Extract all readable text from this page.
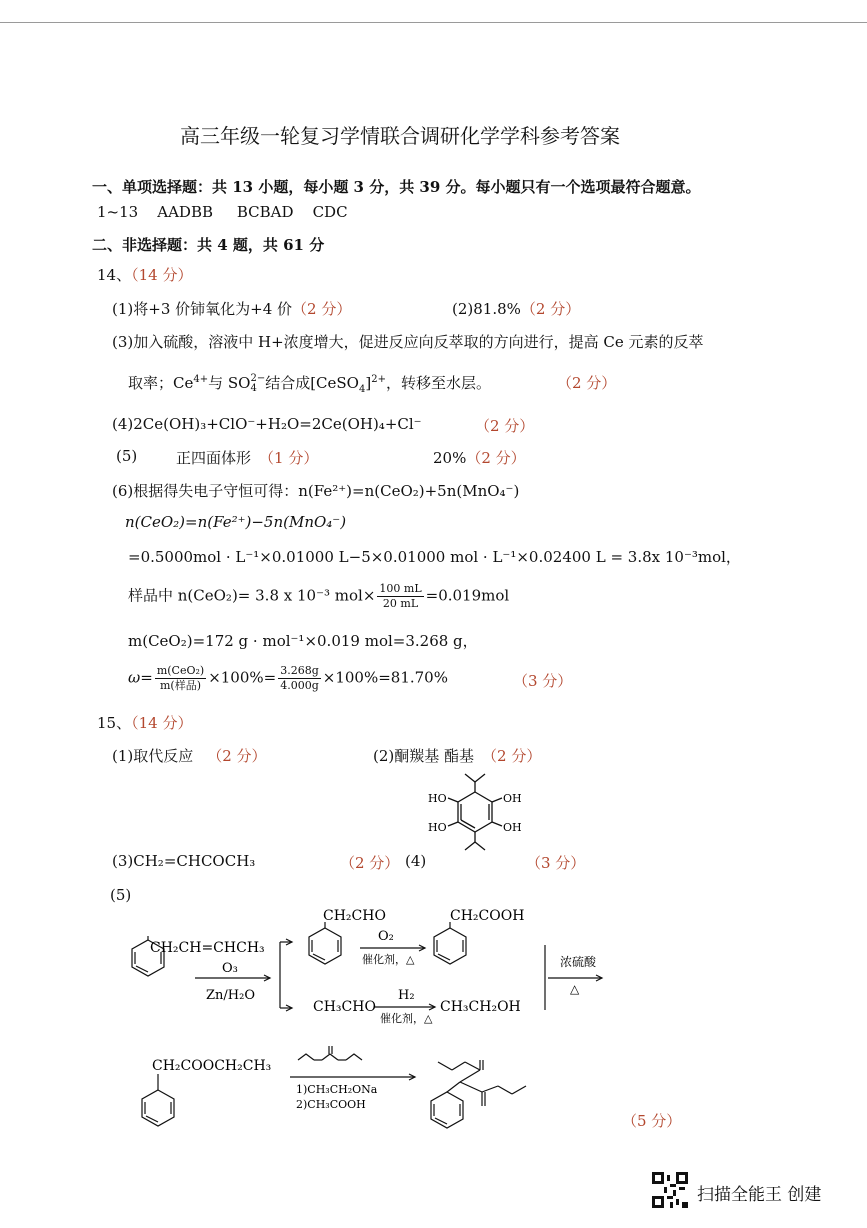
高三年级一轮复习学情联合调研化学学科参考答案
一、单项选择题：共 13 小题，每小题 3 分，共 39 分。每小题只有一个选项最符合题意。
1~13    AADBB     BCBAD    CDC
二、非选择题：共 4 题，共 61 分
14、（14 分）
(1)将+3 价铈氧化为+4 价（2 分）	(2)81.8%（2 分）
(3)加入硫酸，溶液中 H+浓度增大，促进反应向反萃取的方向进行，提高 Ce 元素的反萃
取率；$Ce^{4+}$与 SO 2−
4 结合成[CeSO$_4$]$^{2+}$，转移至水层。	（2 分）
(4)2Ce(OH)₃+ClO⁻+H₂O=2Ce(OH)₄+Cl⁻	（2 分）
(5)	正四面体形 （1 分）	20%（2 分）
(6)根据得失电子守恒可得：n(Fe²⁺)=n(CeO₂)+5n(MnO₄⁻)
n(CeO₂)=n(Fe²⁺)−5n(MnO₄⁻)
=0.5000mol · L⁻¹×0.01000 L−5×0.01000 mol · L⁻¹×0.02400 L = 3.8x 10⁻³mol，
样品中 n(CeO₂)= 3.8 x 10⁻³ $mol\times \frac{100 mL}{20 mL} =0.019mol$
m(CeO₂)=172 g · mol⁻¹×0.019 mol=3.268 g，
$\omega= \frac{\text{m(CeO₂)}}{\text{m(样品)}} \times 100\%= \frac{3.268g}{4.000g} \times 100\%=81.70\%$	（3 分）
15、（14 分）
(1)取代反应 （2 分）	(2)酮羰基 酯基 （2 分）
HO	OH
HO	OH
(3)CH₂=CHCOCH₃	（2 分） (4)	（3 分）
(5)
CH₂CH=CHCH₃
O₃
Zn/H₂O
CH₂CHO
O₂
催化剂，△
CH₂COOH
CH₃CHO
H₂
催化剂，△
CH₃CH₂OH
浓硫酸
△
CH₂COOCH₂CH₃
1)CH₃CH₂ONa
2)CH₃COOH
（5 分）
扫描全能王 创建
